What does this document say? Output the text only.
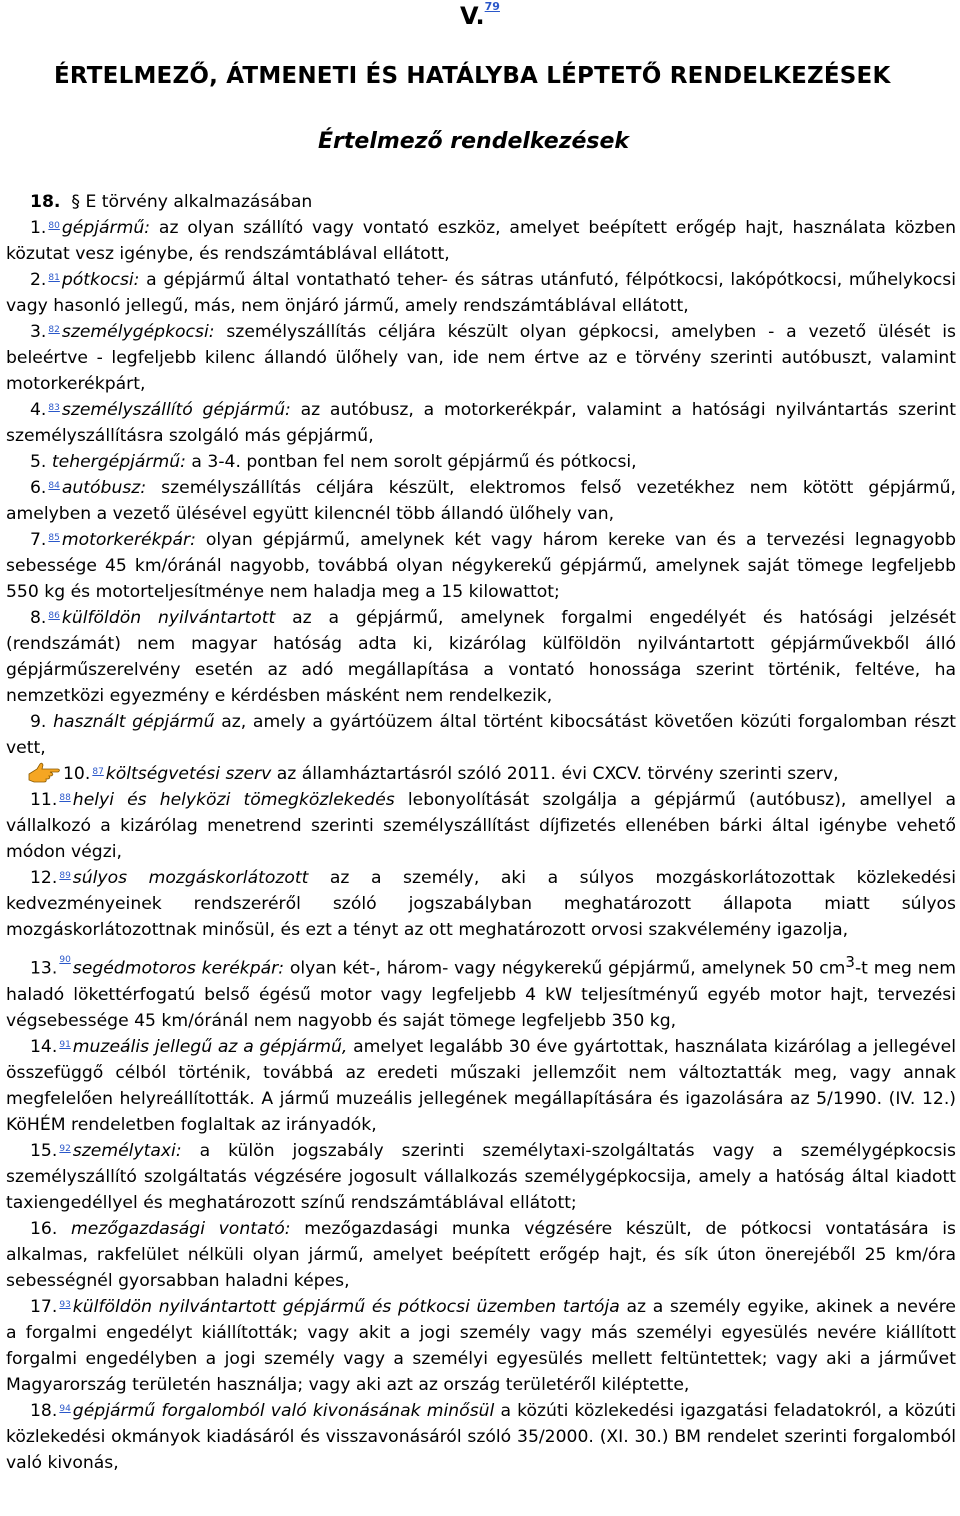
V.$^{79}$
ÉRTELMEZŐ, ÁTMENETI ÉS HATÁLYBA LÉPTETŐ RENDELKEZÉSEK
Értelmező rendelkezések

18. § E törvény alkalmazásában

1. $^{80}$ gépjármű: az olyan szállító vagy vontató eszköz, amelyet beépített erőgép hajt, használata közben közutat vesz igénybe, és rendszámtáblával ellátott,

2. $^{81}$ pótkocsi: a gépjármű által vontatható teher- és sátras utánfutó, félpótkocsi, lakópótkocsi, műhelykocsi vagy hasonló jellegű, más, nem önjáró jármű, amely rendszámtáblával ellátott,

3. $^{82}$ személygépkocsi: személyszállítás céljára készült olyan gépkocsi, amelyben - a vezető ülését is beleértve - legfeljebb kilenc állandó ülőhely van, ide nem értve az e törvény szerinti autóbuszt, valamint motorkerékpárt,

4. $^{83}$ személyszállító gépjármű: az autóbusz, a motorkerékpár, valamint a hatósági nyilvántartás szerint személyszállításra szolgáló más gépjármű,

5. tehergépjármű: a 3-4. pontban fel nem sorolt gépjármű és pótkocsi,

6. $^{84}$ autóbusz: személyszállítás céljára készült, elektromos felső vezetékhez nem kötött gépjármű, amelyben a vezető ülésével együtt kilencnél több állandó ülőhely van,

7. $^{85}$ motorkerékpár: olyan gépjármű, amelynek két vagy három kereke van és a tervezési legnagyobb sebessége 45 km/óránál nagyobb, továbbá olyan négykerekű gépjármű, amelynek saját tömege legfeljebb 550 kg és motorteljesítménye nem haladja meg a 15 kilowattot;

8. $^{86}$ külföldön nyilvántartott az a gépjármű, amelynek forgalmi engedélyét és hatósági jelzését (rendszámát) nem magyar hatóság adta ki, kizárólag külföldön nyilvántartott gépjárművekből álló gépjárműszerelvény esetén az adó megállapítása a vontató honossága szerint történik, feltéve, ha nemzetközi egyezmény e kérdésben másként nem rendelkezik,

9. használt gépjármű az, amely a gyártóüzem által történt kibocsátást követően közúti forgalomban részt vett,

10. $^{87}$ költségvetési szerv az államháztartásról szóló 2011. évi CXCV. törvény szerinti szerv,

11. $^{88}$ helyi és helyközi tömegközlekedés lebonyolítását szolgálja a gépjármű (autóbusz), amellyel a vállalkozó a kizárólag menetrend szerinti személyszállítást díjfizetés ellenében bárki által igénybe vehető módon végzi,

12. $^{89}$ súlyos mozgáskorlátozott az a személy, aki a súlyos mozgáskorlátozottak közlekedési kedvezményeinek rendszeréről szóló jogszabályban meghatározott állapota miatt súlyos mozgáskorlátozottnak minősül, és ezt a tényt az ott meghatározott orvosi szakvélemény igazolja,

13. $^{90}$ segédmotoros kerékpár: olyan két-, három- vagy négykerekű gépjármű, amelynek 50 $cm^3-t$ meg nem haladó lökettérfogatú belső égésű motor vagy legfeljebb 4 kW teljesítményű egyéb motor hajt, tervezési végsebessége 45 km/óránál nem nagyobb és saját tömege legfeljebb 350 kg,

14. $^{91}$ muzeális jellegű az a gépjármű, amelyet legalább 30 éve gyártottak, használata kizárólag a jellegével összefüggő célból történik, továbbá az eredeti műszaki jellemzőit nem változtatták meg, vagy annak megfelelően helyreállították. A jármű muzeális jellegének megállapítására és igazolására az 5/1990. (IV. 12.) KöHÉM rendeletben foglaltak az irányadók,

15. $^{92}$ személytaxi: a külön jogszabály szerinti személytaxi-szolgáltatás vagy a személygépkocsis személyszállító szolgáltatás végzésére jogosult vállalkozás személygépkocsija, amely a hatóság által kiadott taxiengedéllyel és meghatározott színű rendszámtáblával ellátott;

16. mezőgazdasági vontató: mezőgazdasági munka végzésére készült, de pótkocsi vontatására is alkalmas, rakfelület nélküli olyan jármű, amelyet beépített erőgép hajt, és sík úton önerejéből 25 km/óra sebességnél gyorsabban haladni képes,

17. $^{93}$ külföldön nyilvántartott gépjármű és pótkocsi üzemben tartója az a személy egyike, akinek a nevére a forgalmi engedélyt kiállították; vagy akit a jogi személy vagy más személyi egyesülés nevére kiállított forgalmi engedélyben a jogi személy vagy a személyi egyesülés mellett feltüntettek; vagy aki a járművet Magyarország területén használja; vagy aki azt az ország területéről kiléptette,

18. $^{94}$ gépjármű forgalomból való kivonásának minősül a közúti közlekedési igazgatási feladatokról, a közúti közlekedési okmányok kiadásáról és visszavonásáról szóló 35/2000. (XI. 30.) BM rendelet szerinti forgalomból való kivonás,
